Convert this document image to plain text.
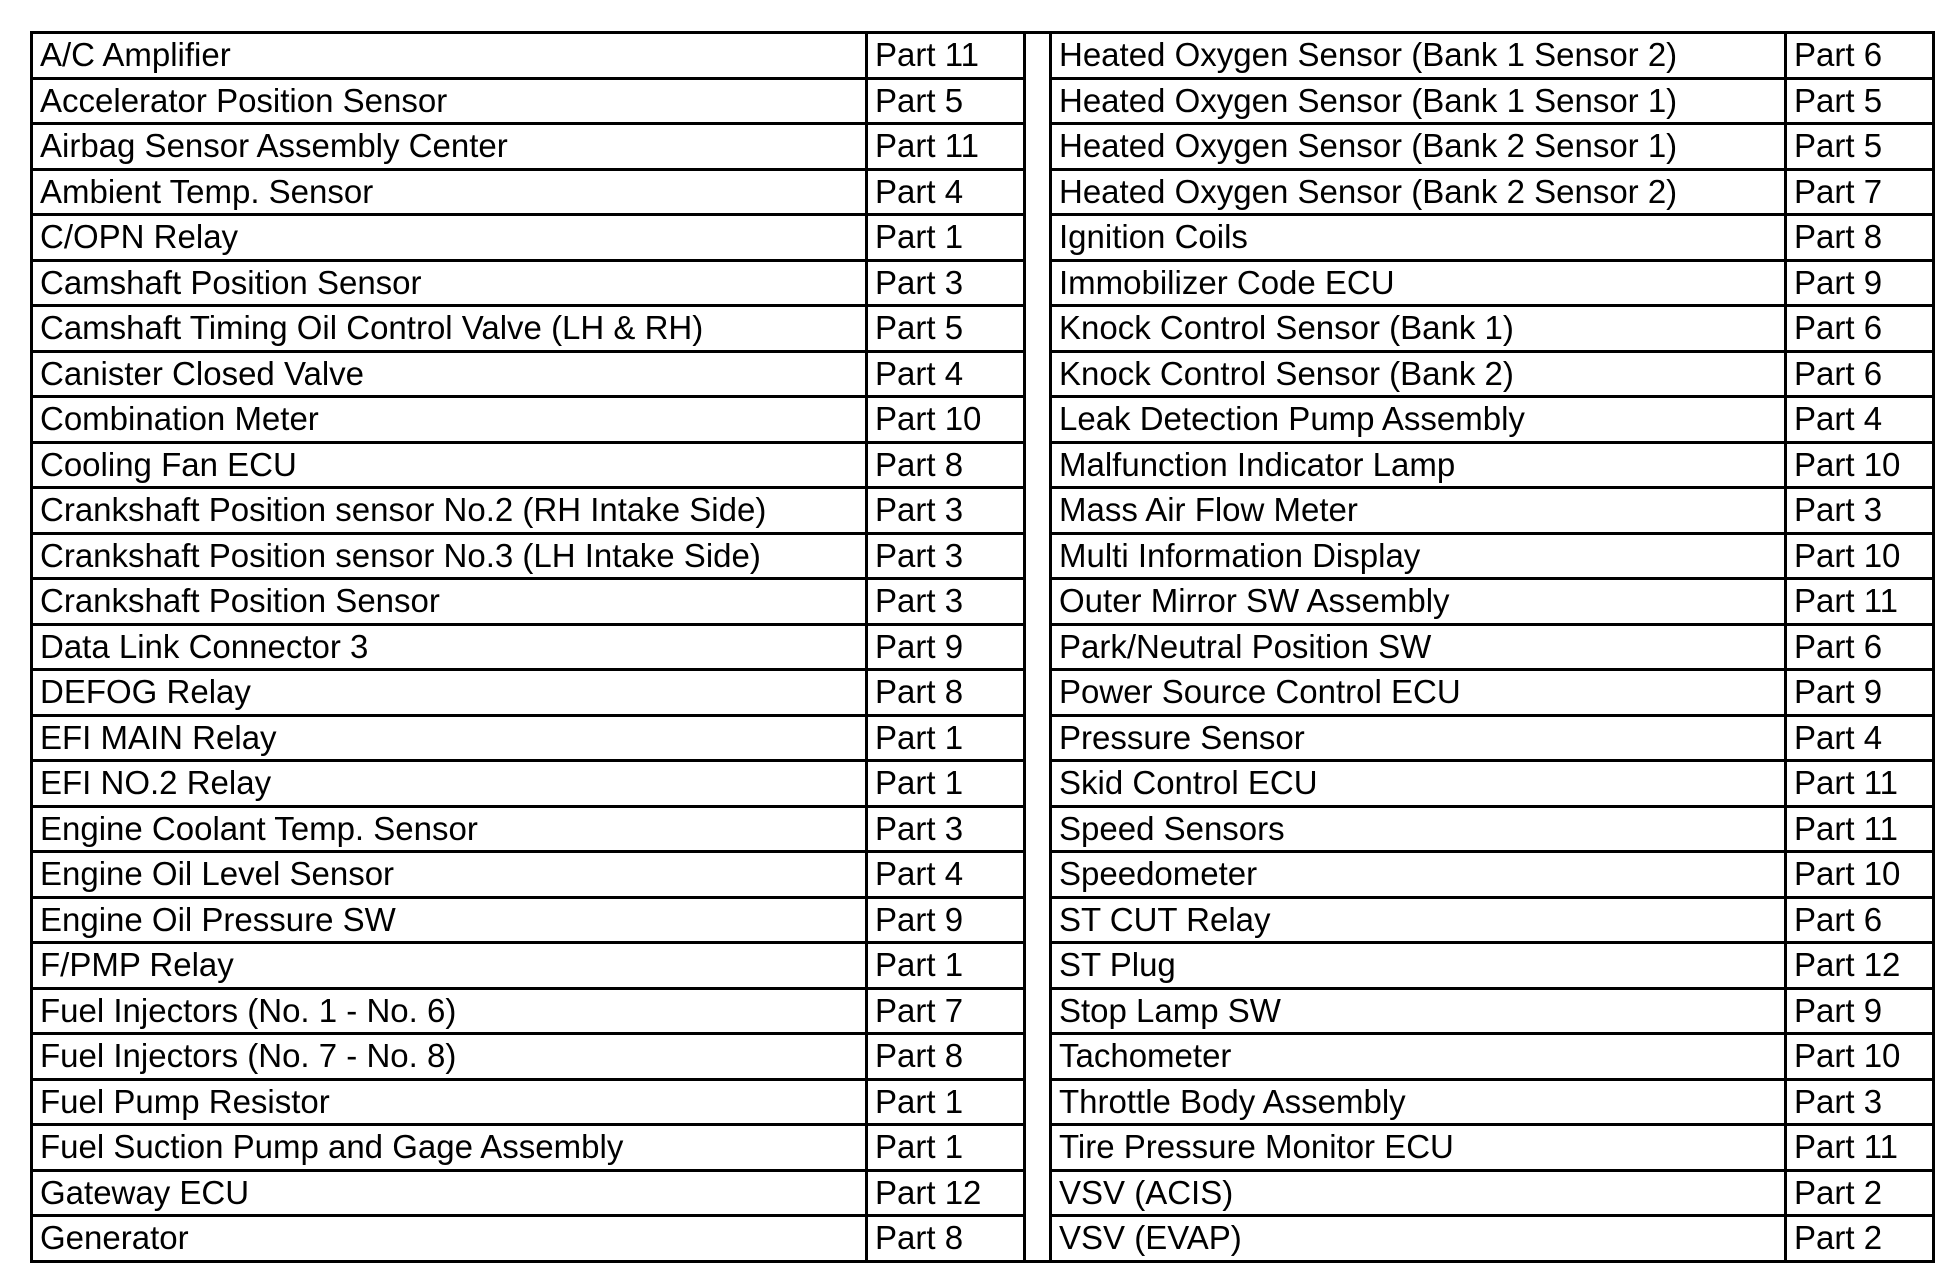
A/C Amplifier	Part 11		Heated Oxygen Sensor (Bank 1 Sensor 2)	Part 6
Accelerator Position Sensor	Part 5		Heated Oxygen Sensor (Bank 1 Sensor 1)	Part 5
Airbag Sensor Assembly Center	Part 11		Heated Oxygen Sensor (Bank 2 Sensor 1)	Part 5
Ambient Temp. Sensor	Part 4		Heated Oxygen Sensor (Bank 2 Sensor 2)	Part 7
C/OPN Relay	Part 1		Ignition Coils	Part 8
Camshaft Position Sensor	Part 3		Immobilizer Code ECU	Part 9
Camshaft Timing Oil Control Valve (LH & RH)	Part 5		Knock Control Sensor (Bank 1)	Part 6
Canister Closed Valve	Part 4		Knock Control Sensor (Bank 2)	Part 6
Combination Meter	Part 10		Leak Detection Pump Assembly	Part 4
Cooling Fan ECU	Part 8		Malfunction Indicator Lamp	Part 10
Crankshaft Position sensor No.2 (RH Intake Side)	Part 3		Mass Air Flow Meter	Part 3
Crankshaft Position sensor No.3 (LH Intake Side)	Part 3		Multi Information Display	Part 10
Crankshaft Position Sensor	Part 3		Outer Mirror SW Assembly	Part 11
Data Link Connector 3	Part 9		Park/Neutral Position SW	Part 6
DEFOG Relay	Part 8		Power Source Control ECU	Part 9
EFI MAIN Relay	Part 1		Pressure Sensor	Part 4
EFI NO.2 Relay	Part 1		Skid Control ECU	Part 11
Engine Coolant Temp. Sensor	Part 3		Speed Sensors	Part 11
Engine Oil Level Sensor	Part 4		Speedometer	Part 10
Engine Oil Pressure SW	Part 9		ST CUT Relay	Part 6
F/PMP Relay	Part 1		ST Plug	Part 12
Fuel Injectors (No. 1 - No. 6)	Part 7		Stop Lamp SW	Part 9
Fuel Injectors (No. 7 - No. 8)	Part 8		Tachometer	Part 10
Fuel Pump Resistor	Part 1		Throttle Body Assembly	Part 3
Fuel Suction Pump and Gage Assembly	Part 1		Tire Pressure Monitor ECU	Part 11
Gateway ECU	Part 12		VSV (ACIS)	Part 2
Generator	Part 8		VSV (EVAP)	Part 2
